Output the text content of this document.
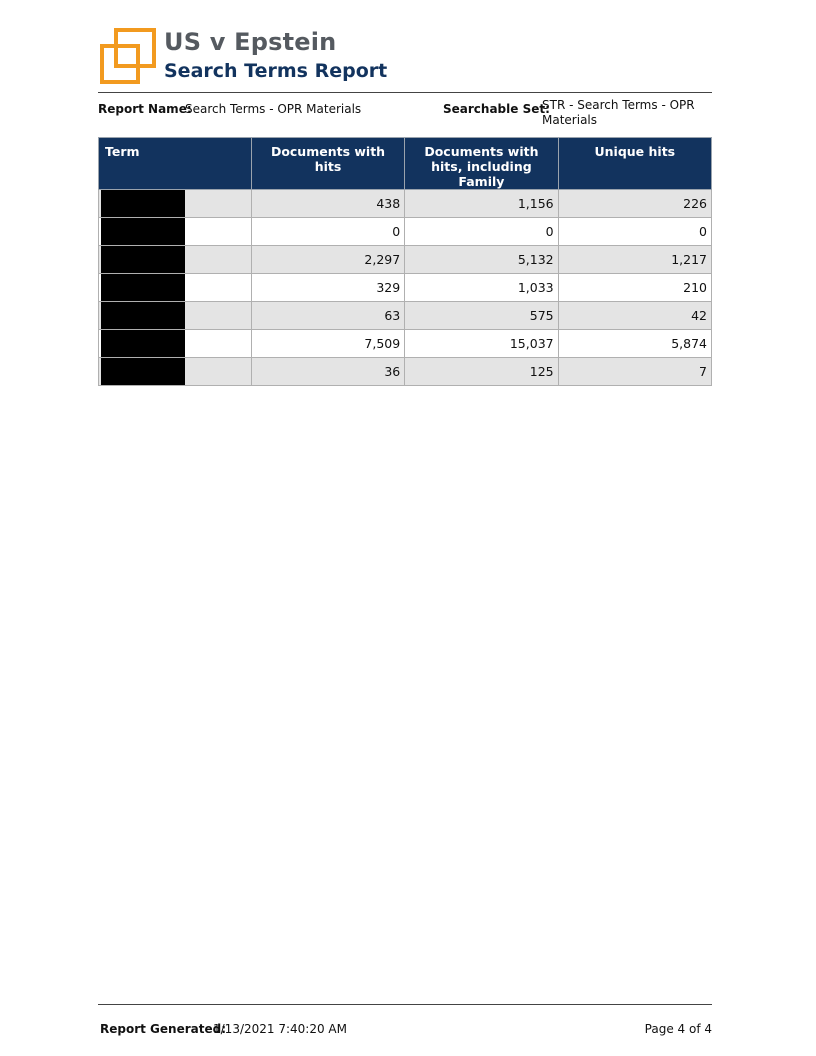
US v Epstein
Search Terms Report
Report Name:
Search Terms - OPR Materials	Searchable Set:
STR - Search Terms - OPR Materials
Term	Documents with hits	Documents with hits, including Family	Unique hits

	438	1,156	226

	0	0	0

	2,297	5,132	1,217

	329	1,033	210

	63	575	42

	7,509	15,037	5,874

	36	125	7
Report Generated:
1/13/2021 7:40:20 AM	Page 4 of 4
